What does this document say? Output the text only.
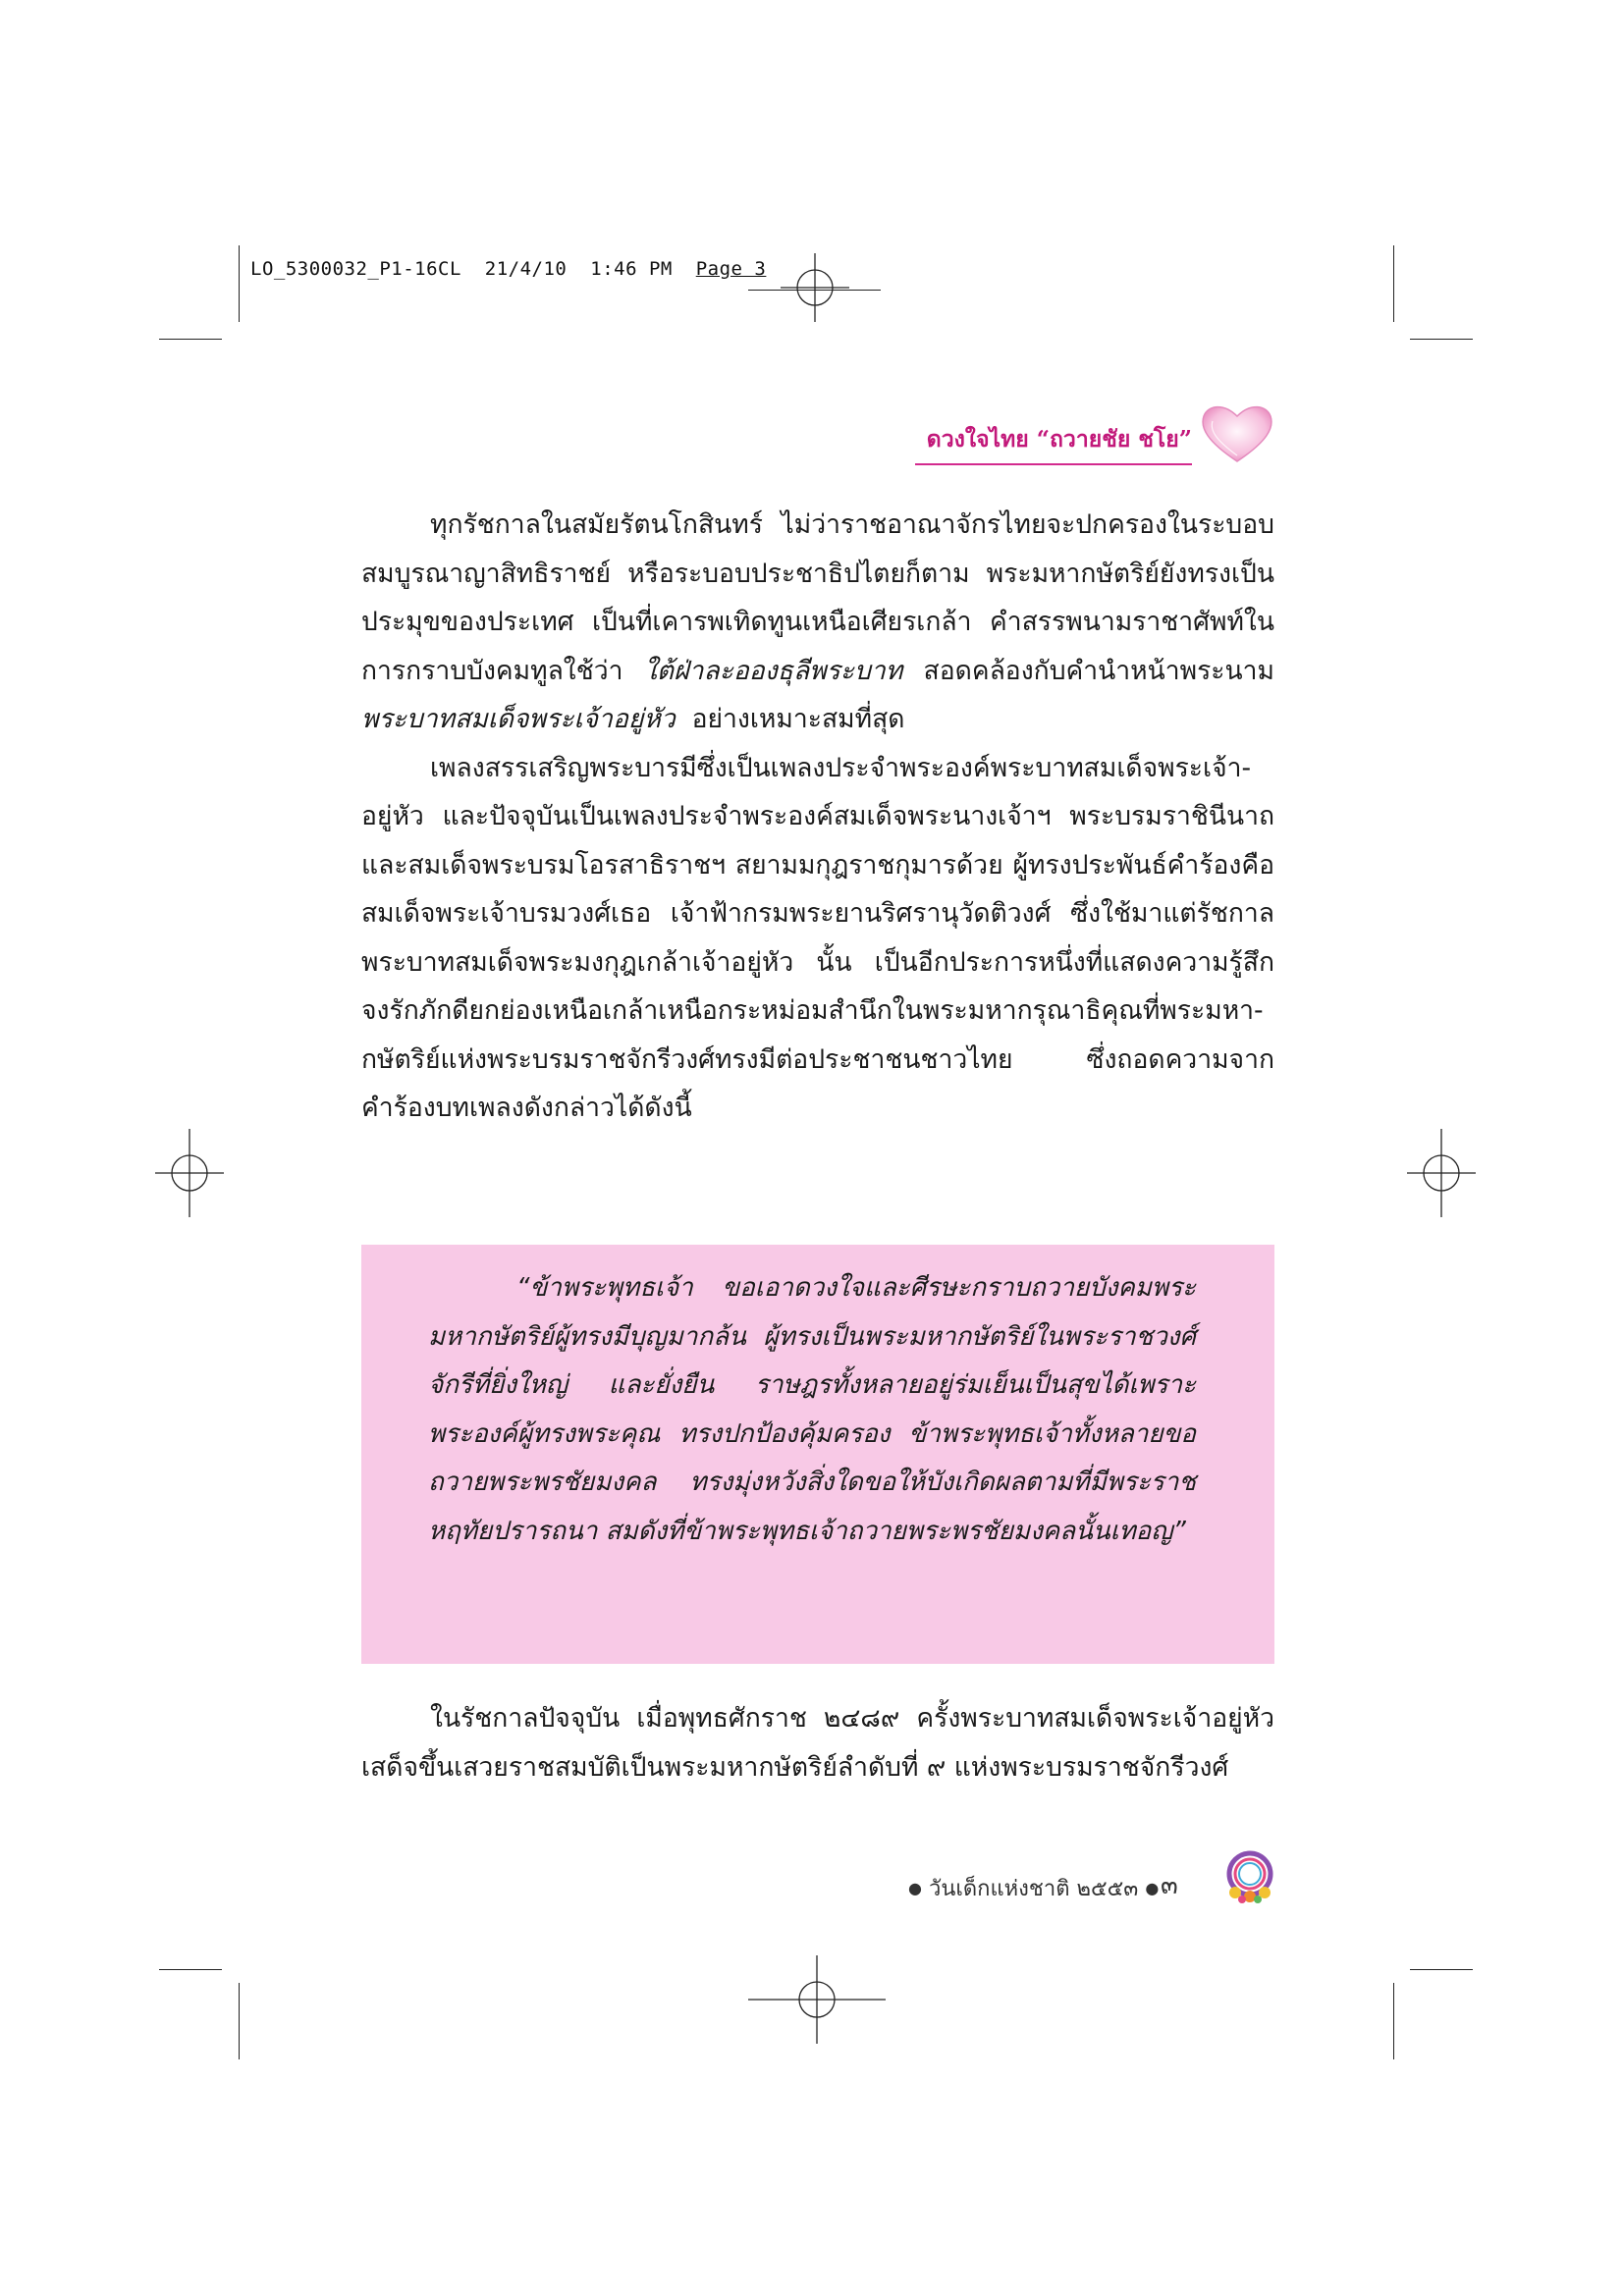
LO_5300032_P1-16CL 21/4/10 1:46 PM Page 3
ดวงใจไทย “ถวายชัย ชโย”

ทุกรัชกาลในสมัยรัตนโกสินทร์ ไม่ว่าราชอาณาจักรไทยจะปกครองในระบอบสมบูรณาญาสิทธิราชย์ หรือระบอบประชาธิปไตยก็ตาม พระมหากษัตริย์ยังทรงเป็นประมุขของประเทศ เป็นที่เคารพเทิดทูนเหนือเศียรเกล้า คำสรรพนามราชาศัพท์ในการกราบบังคมทูลใช้ว่า ใต้ฝ่าละอองธุลีพระบาท สอดคล้องกับคำนำหน้าพระนาม พระบาทสมเด็จพระเจ้าอยู่หัว อย่างเหมาะสมที่สุด

เพลงสรรเสริญพระบารมีซึ่งเป็นเพลงประจำพระองค์พระบาทสมเด็จพระเจ้า-อยู่หัว และปัจจุบันเป็นเพลงประจำพระองค์สมเด็จพระนางเจ้าฯ พระบรมราชินีนาถ และสมเด็จพระบรมโอรสาธิราชฯ สยามมกุฎราชกุมารด้วย ผู้ทรงประพันธ์คำร้องคือสมเด็จพระเจ้าบรมวงศ์เธอ เจ้าฟ้ากรมพระยานริศรานุวัดติวงศ์ ซึ่งใช้มาแต่รัชกาลพระบาทสมเด็จพระมงกุฎเกล้าเจ้าอยู่หัว นั้น เป็นอีกประการหนึ่งที่แสดงความรู้สึกจงรักภักดียกย่องเหนือเกล้าเหนือกระหม่อมสำนึกในพระมหากรุณาธิคุณที่พระมหา-กษัตริย์แห่งพระบรมราชจักรีวงศ์ทรงมีต่อประชาชนชาวไทย ซึ่งถอดความจากคำร้องบทเพลงดังกล่าวได้ดังนี้

“ข้าพระพุทธเจ้า ขอเอาดวงใจและศีรษะกราบถวายบังคมพระมหากษัตริย์ผู้ทรงมีบุญมากล้น ผู้ทรงเป็นพระมหากษัตริย์ในพระราชวงศ์จักรีที่ยิ่งใหญ่ และยั่งยืน ราษฎรทั้งหลายอยู่ร่มเย็นเป็นสุขได้เพราะพระองค์ผู้ทรงพระคุณ ทรงปกป้องคุ้มครอง ข้าพระพุทธเจ้าทั้งหลายขอถวายพระพรชัยมงคล ทรงมุ่งหวังสิ่งใดขอให้บังเกิดผลตามที่มีพระราชหฤทัยปรารถนา สมดังที่ข้าพระพุทธเจ้าถวายพระพรชัยมงคลนั้นเทอญ”

ในรัชกาลปัจจุบัน เมื่อพุทธศักราช ๒๔๘๙ ครั้งพระบาทสมเด็จพระเจ้าอยู่หัวเสด็จขึ้นเสวยราชสมบัติเป็นพระมหากษัตริย์ลำดับที่ ๙ แห่งพระบรมราชจักรีวงศ์

● วันเด็กแห่งชาติ ๒๕๕๓ ● ๓
